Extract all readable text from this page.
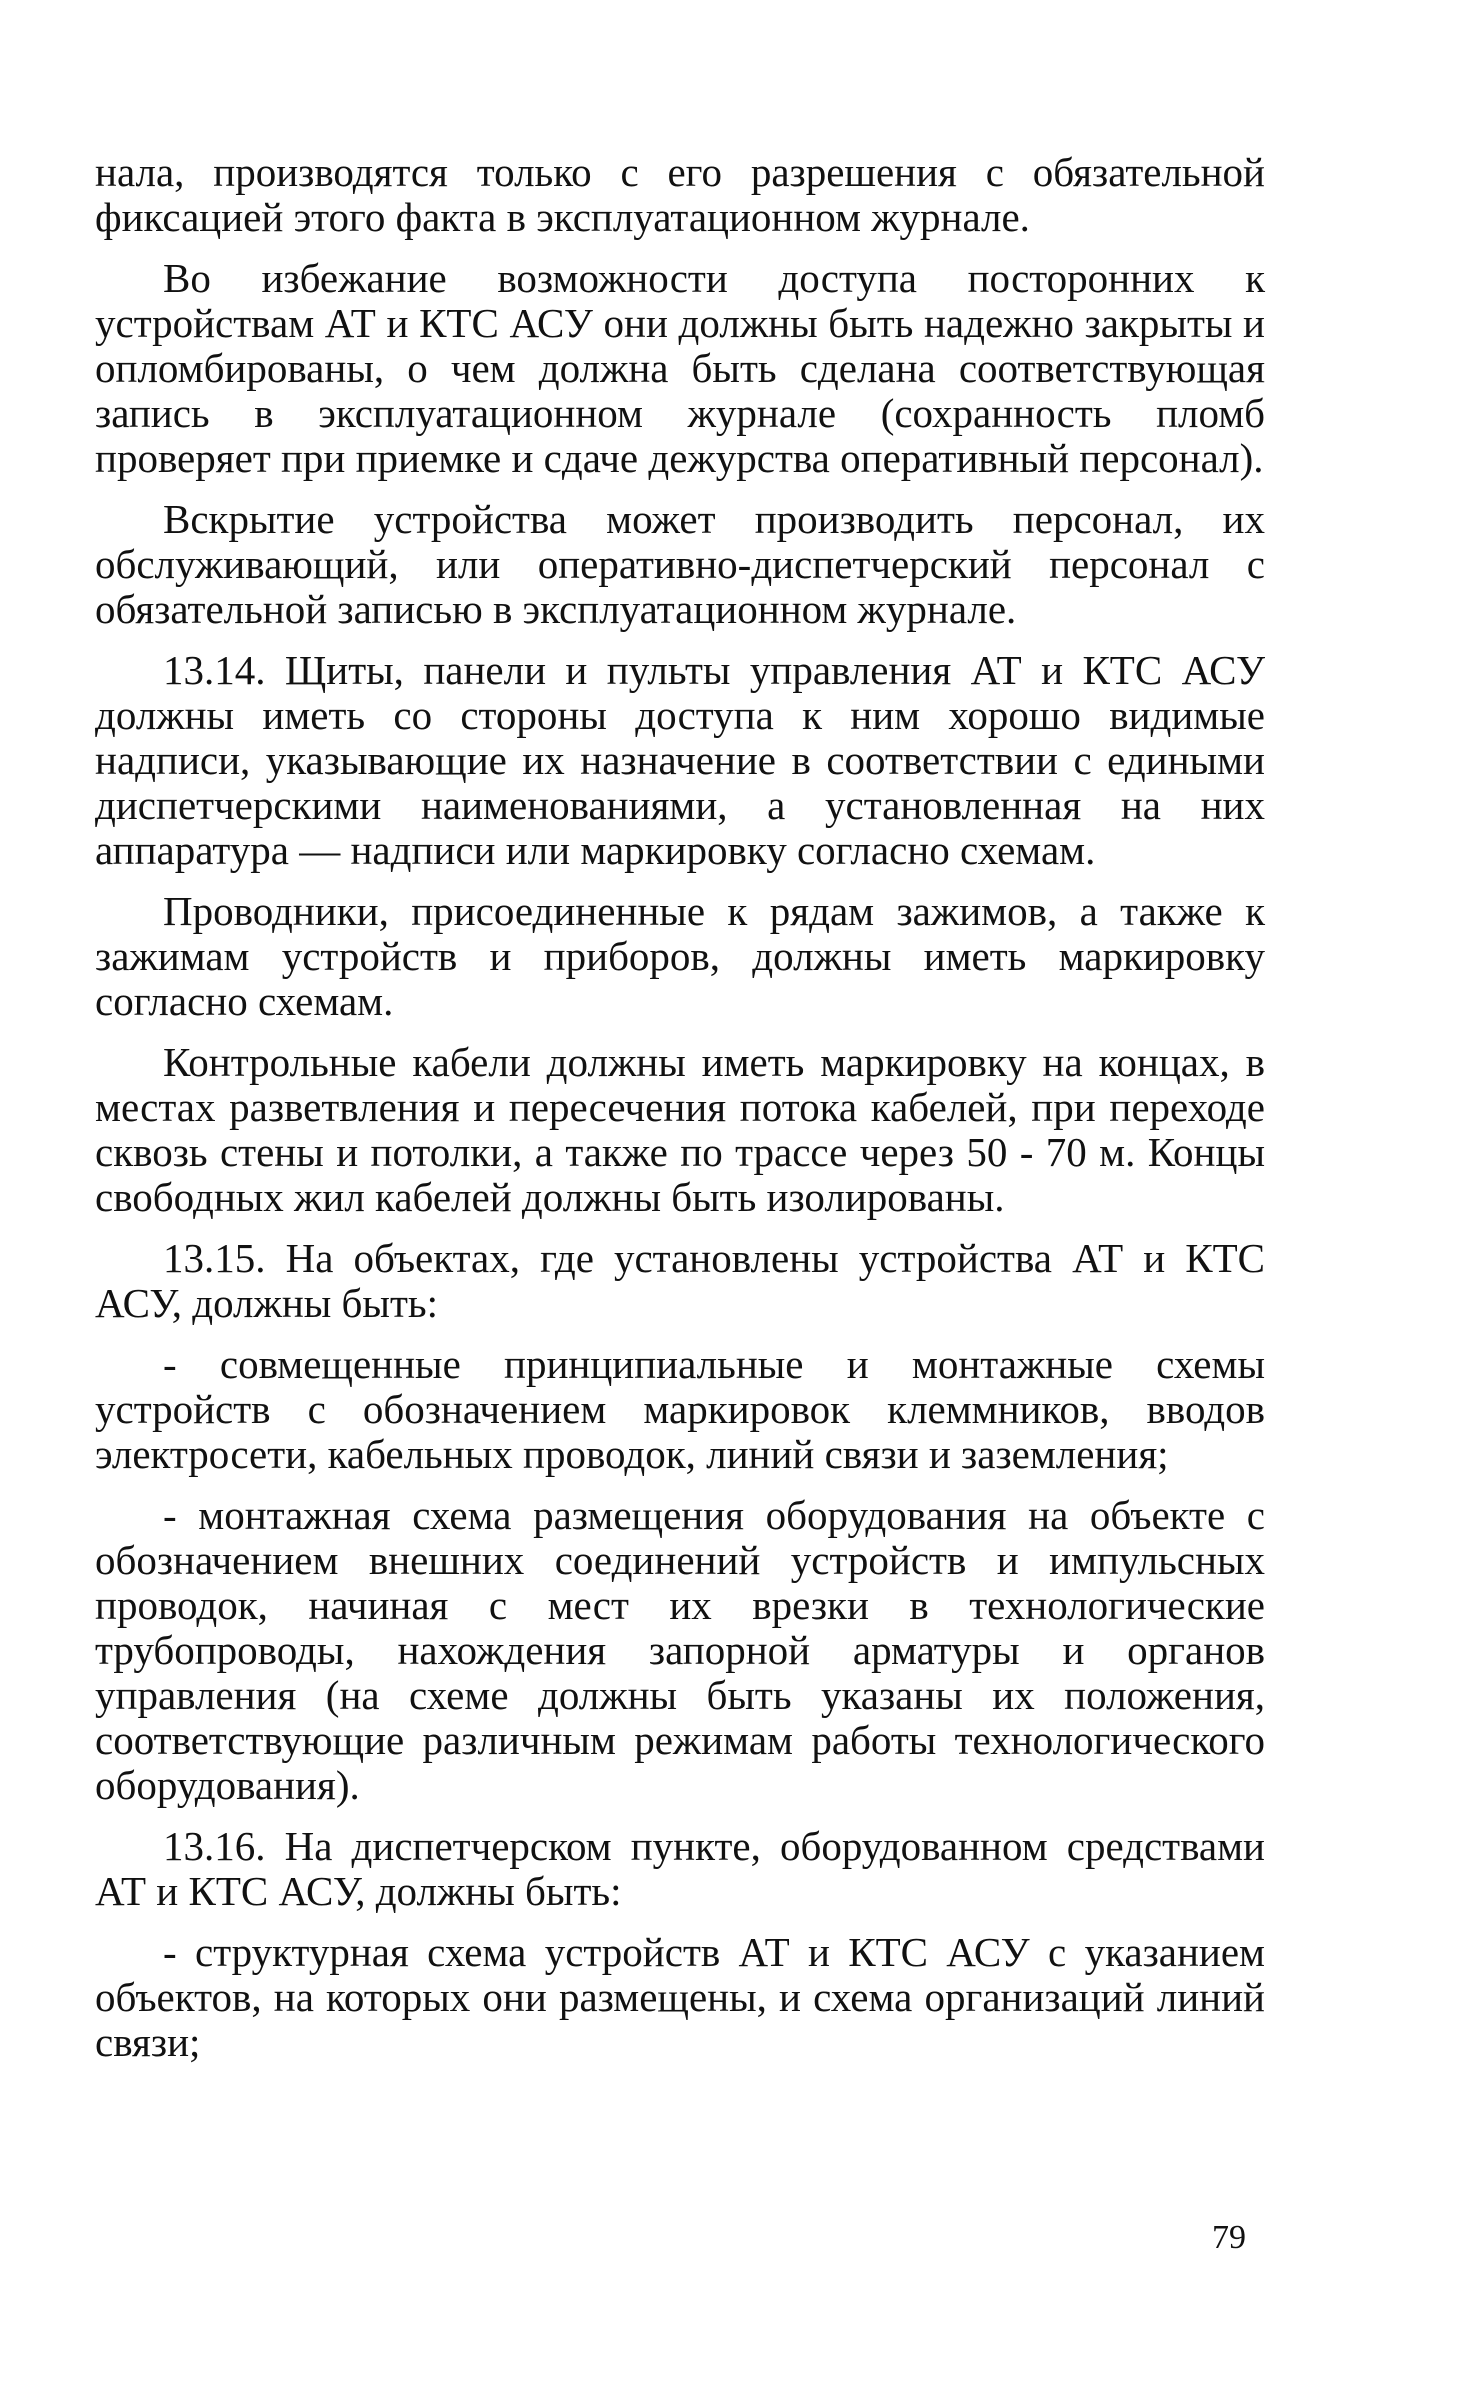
нала, производятся только с его разрешения с обязательной фиксацией этого факта в эксплуатационном журнале.

Во избежание возможности доступа посторонних к устройствам АТ и КТС АСУ они должны быть надежно закрыты и опломбированы, о чем должна быть сделана соответствующая запись в эксплуатационном журнале (сохранность пломб проверяет при приемке и сдаче дежурства оперативный персонал).

Вскрытие устройства может производить персонал, их обслуживающий, или оперативно-диспетчерский персонал с обязательной записью в эксплуатационном журнале.

13.14. Щиты, панели и пульты управления АТ и КТС АСУ должны иметь со стороны доступа к ним хорошо видимые надписи, указывающие их назначение в соответствии с едиными диспетчерскими наименованиями, а установленная на них аппаратура — надписи или маркировку согласно схемам.

Проводники, присоединенные к рядам зажимов, а также к зажимам устройств и приборов, должны иметь маркировку согласно схемам.

Контрольные кабели должны иметь маркировку на концах, в местах разветвления и пересечения потока кабелей, при переходе сквозь стены и потолки, а также по трассе через 50 - 70 м. Концы свободных жил кабелей должны быть изолированы.

13.15. На объектах, где установлены устройства АТ и КТС АСУ, должны быть:

- совмещенные принципиальные и монтажные схемы устройств с обозначением маркировок клеммников, вводов электросети, кабельных проводок, линий связи и заземления;

- монтажная схема размещения оборудования на объекте с обозначением внешних соединений устройств и импульсных проводок, начиная с мест их врезки в технологические трубопроводы, нахождения запорной арматуры и органов управления (на схеме должны быть указаны их положения, соответствующие различным режимам работы технологического оборудования).

13.16. На диспетчерском пункте, оборудованном средствами АТ и КТС АСУ, должны быть:

- структурная схема устройств АТ и КТС АСУ с указанием объектов, на которых они размещены, и схема организаций линий связи;

79
